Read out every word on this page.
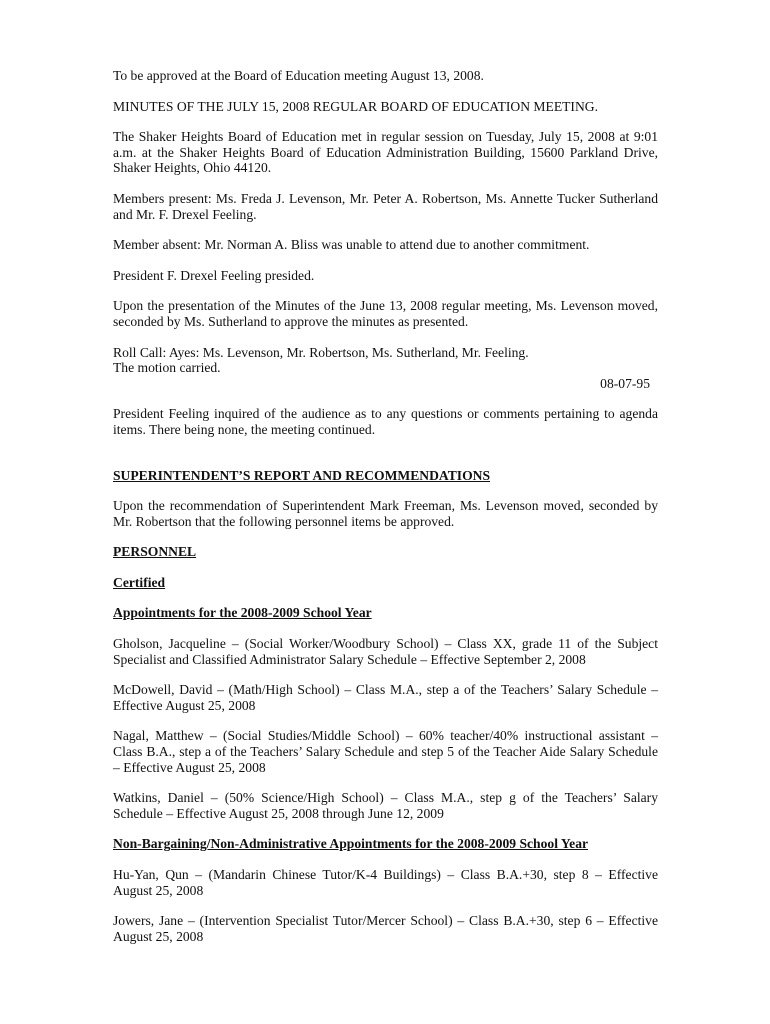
To be approved at the Board of Education meeting August 13, 2008.

MINUTES OF THE JULY 15, 2008 REGULAR BOARD OF EDUCATION MEETING.

The Shaker Heights Board of Education met in regular session on Tuesday, July 15, 2008 at 9:01 a.m. at the Shaker Heights Board of Education Administration Building, 15600 Parkland Drive, Shaker Heights, Ohio 44120.

Members present: Ms. Freda J. Levenson, Mr. Peter A. Robertson, Ms. Annette Tucker Sutherland and Mr. F. Drexel Feeling.

Member absent: Mr. Norman A. Bliss was unable to attend due to another commitment.

President F. Drexel Feeling presided.

Upon the presentation of the Minutes of the June 13, 2008 regular meeting, Ms. Levenson moved, seconded by Ms. Sutherland to approve the minutes as presented.

Roll Call: Ayes: Ms. Levenson, Mr. Robertson, Ms. Sutherland, Mr. Feeling.

The motion carried.

08-07-95

President Feeling inquired of the audience as to any questions or comments pertaining to agenda items. There being none, the meeting continued.

SUPERINTENDENT’S REPORT AND RECOMMENDATIONS

Upon the recommendation of Superintendent Mark Freeman, Ms. Levenson moved, seconded by Mr. Robertson that the following personnel items be approved.

PERSONNEL

Certified

Appointments for the 2008-2009 School Year

Gholson, Jacqueline – (Social Worker/Woodbury School) – Class XX, grade 11 of the Subject Specialist and Classified Administrator Salary Schedule – Effective September 2, 2008

McDowell, David – (Math/High School) – Class M.A., step a of the Teachers’ Salary Schedule – Effective August 25, 2008

Nagal, Matthew – (Social Studies/Middle School) – 60% teacher/40% instructional assistant – Class B.A., step a of the Teachers’ Salary Schedule and step 5 of the Teacher Aide Salary Schedule – Effective August 25, 2008

Watkins, Daniel – (50% Science/High School) – Class M.A., step g of the Teachers’ Salary Schedule – Effective August 25, 2008 through June 12, 2009

Non-Bargaining/Non-Administrative Appointments for the 2008-2009 School Year

Hu-Yan, Qun – (Mandarin Chinese Tutor/K-4 Buildings) – Class B.A.+30, step 8 – Effective August 25, 2008

Jowers, Jane – (Intervention Specialist Tutor/Mercer School) – Class B.A.+30, step 6 – Effective August 25, 2008
